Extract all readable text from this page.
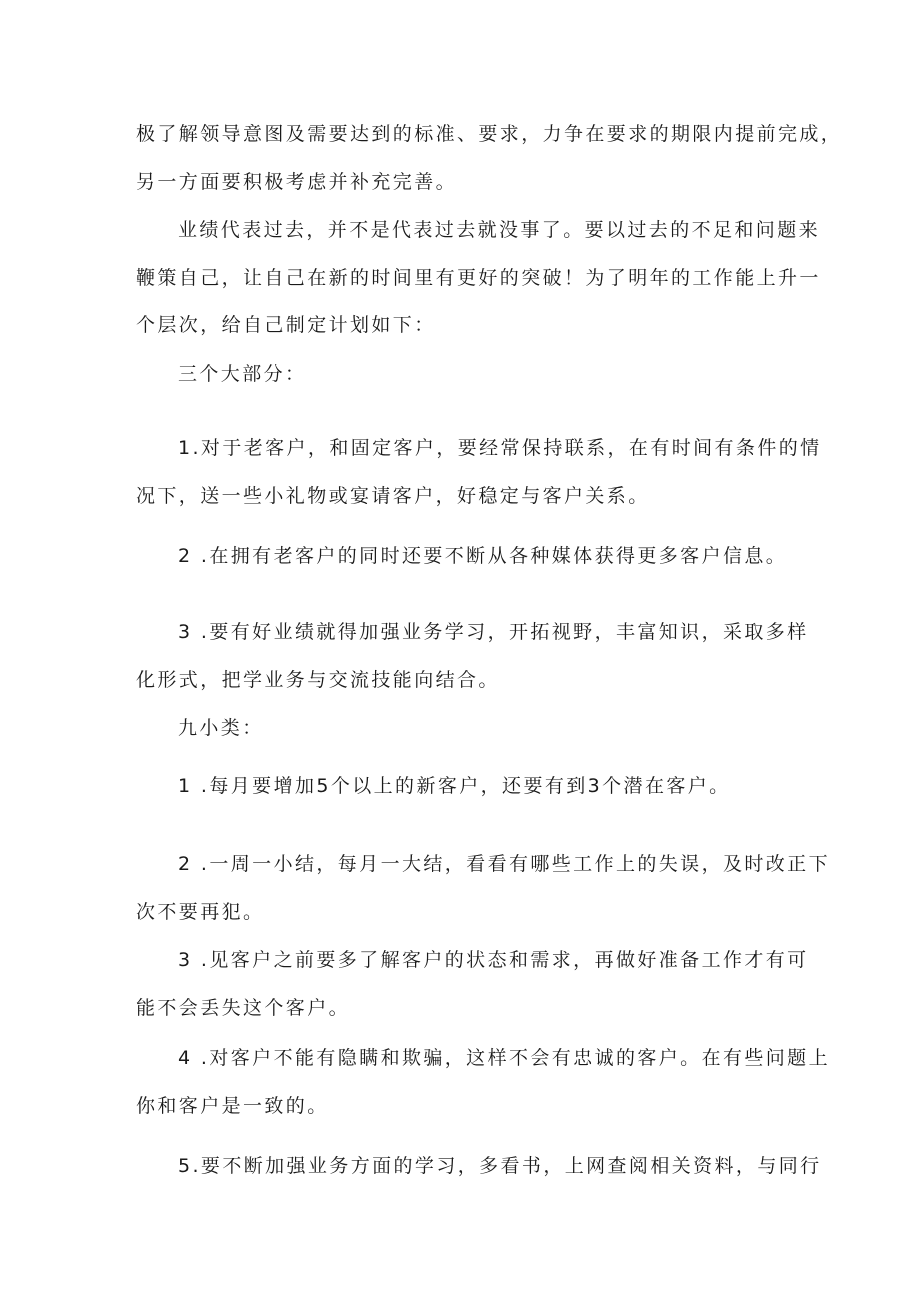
极了解领导意图及需要达到的标准、要求，力争在要求的期限内提前完成，
另一方面要积极考虑并补充完善。
业绩代表过去，并不是代表过去就没事了。要以过去的不足和问题来
鞭策自己，让自己在新的时间里有更好的突破！为了明年的工作能上升一
个层次，给自己制定计划如下：
三个大部分：
1.对于老客户，和固定客户，要经常保持联系，在有时间有条件的情
况下，送一些小礼物或宴请客户，好稳定与客户关系。
2 .在拥有老客户的同时还要不断从各种媒体获得更多客户信息。
3 .要有好业绩就得加强业务学习，开拓视野，丰富知识，采取多样
化形式，把学业务与交流技能向结合。
九小类：
1 .每月要增加5个以上的新客户，还要有到3个潜在客户。
2 .一周一小结，每月一大结，看看有哪些工作上的失误，及时改正下
次不要再犯。
3 .见客户之前要多了解客户的状态和需求，再做好准备工作才有可
能不会丢失这个客户。
4 .对客户不能有隐瞒和欺骗，这样不会有忠诚的客户。在有些问题上
你和客户是一致的。
5.要不断加强业务方面的学习，多看书，上网查阅相关资料，与同行
